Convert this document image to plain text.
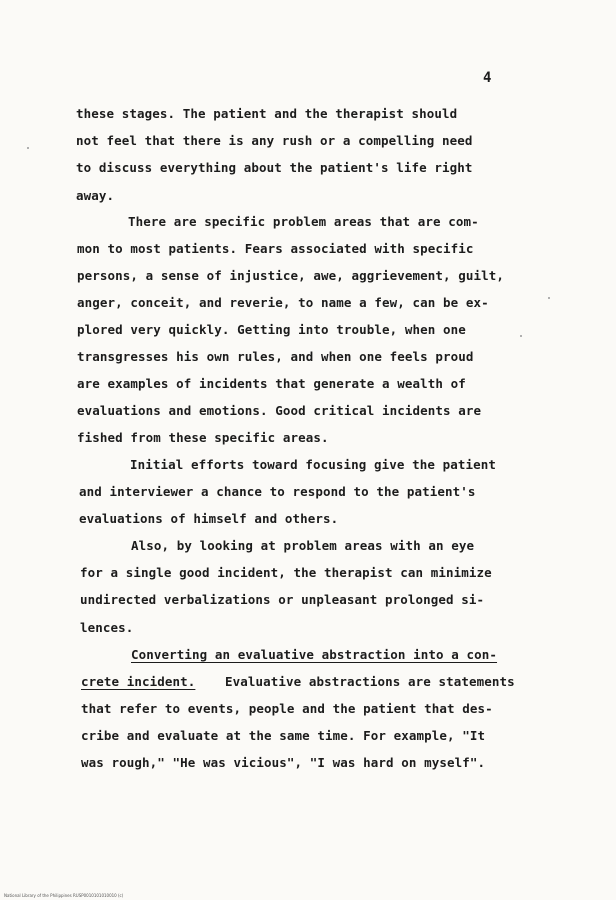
4
these stages. The patient and the therapist should
not feel that there is any rush or a compelling need
to discuss everything about the patient's life right
away.
There are specific problem areas that are com-
mon to most patients. Fears associated with specific
persons, a sense of injustice, awe, aggrievement, guilt,
anger, conceit, and reverie, to name a few, can be ex-
plored very quickly. Getting into trouble, when one
transgresses his own rules, and when one feels proud
are examples of incidents that generate a wealth of
evaluations and emotions. Good critical incidents are
fished from these specific areas.
Initial efforts toward focusing give the patient
and interviewer a chance to respond to the patient's
evaluations of himself and others.
Also, by looking at problem areas with an eye
for a single good incident, the therapist can minimize
undirected verbalizations or unpleasant prolonged si-
lences.
Converting an evaluative abstraction into a con-
crete incident. Evaluative abstractions are statements
that refer to events, people and the patient that des-
cribe and evaluate at the same time. For example, "It
was rough," "He was vicious", "I was hard on myself".
National Library of the Philippines RUSP0010101010010 (c)
